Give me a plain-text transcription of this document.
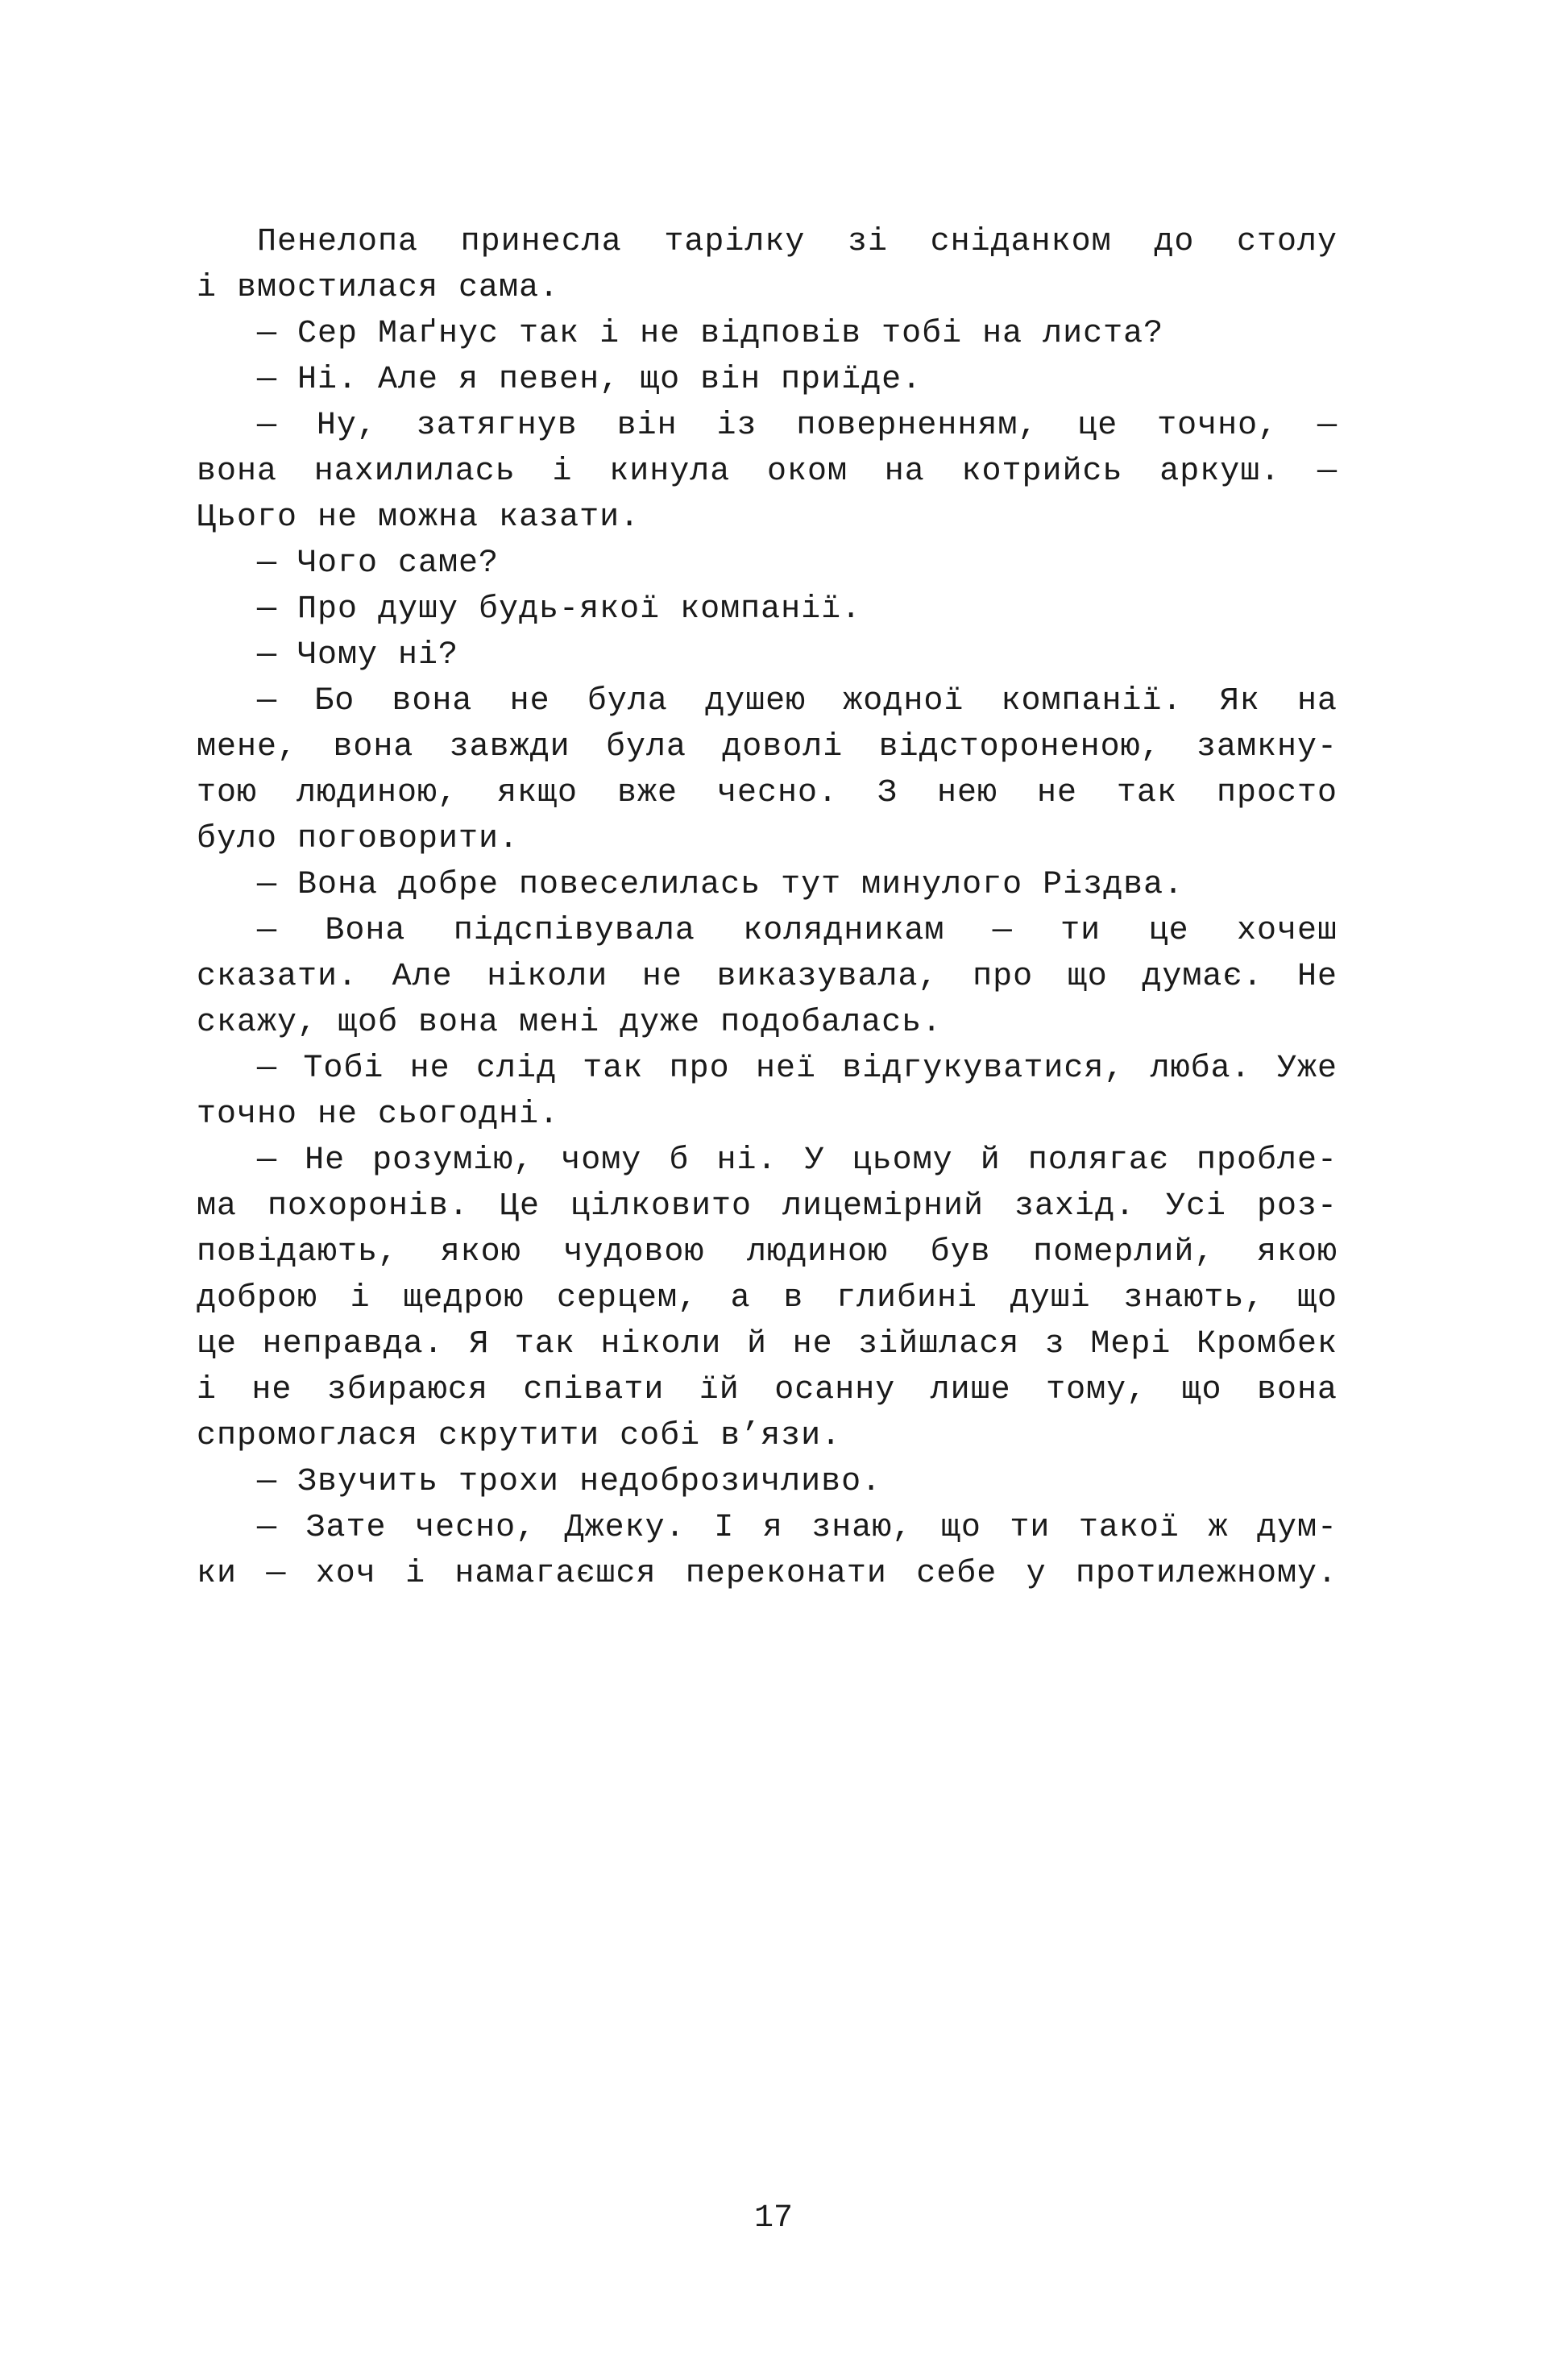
Пенелопа принесла тарілку зі сніданком до столу
і вмостилася сама.
— Сер Маґнус так і не відповів тобі на листа?
— Ні. Але я певен, що він приїде.
— Ну, затягнув він із поверненням, це точно, —
вона нахилилась і кинула оком на котрийсь аркуш. —
Цього не можна казати.
— Чого саме?
— Про душу будь-якої компанії.
— Чому ні?
— Бо вона не була душею жодної компанії. Як на
мене, вона завжди була доволі відстороненою, замкну-
тою людиною, якщо вже чесно. З нею не так просто
було поговорити.
— Вона добре повеселилась тут минулого Різдва.
— Вона підспівувала колядникам — ти це хочеш
сказати. Але ніколи не виказувала, про що думає. Не
скажу, щоб вона мені дуже подобалась.
— Тобі не слід так про неї відгукуватися, люба. Уже
точно не сьогодні.
— Не розумію, чому б ні. У цьому й полягає пробле-
ма похоронів. Це цілковито лицемірний захід. Усі роз-
повідають, якою чудовою людиною був померлий, якою
доброю і щедрою серцем, а в глибині душі знають, що
це неправда. Я так ніколи й не зійшлася з Мері Кромбек
і не збираюся співати їй осанну лише тому, що вона
спромоглася скрутити собі в’язи.
— Звучить трохи недоброзичливо.
— Зате чесно, Джеку. І я знаю, що ти такої ж дум-
ки — хоч і намагаєшся переконати себе у протилежному.
17
